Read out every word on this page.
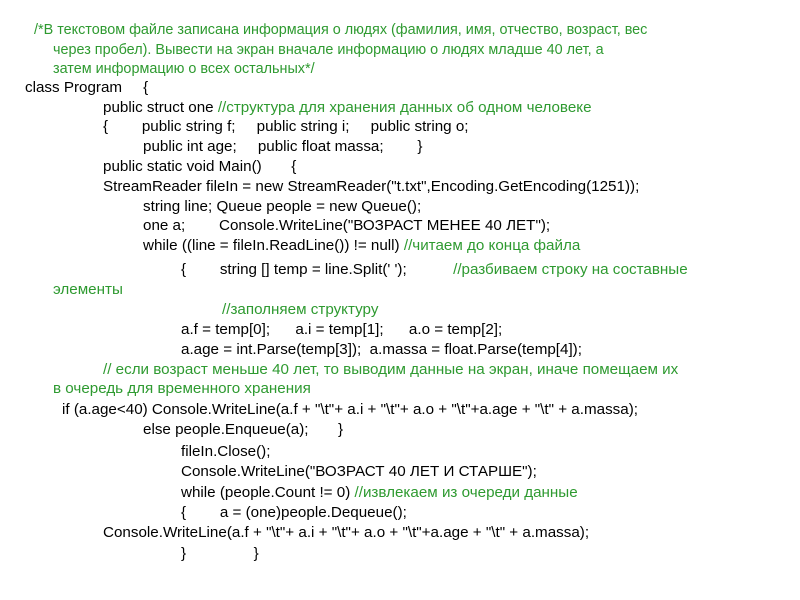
/*В текстовом файле записана информация о людях (фамилия, имя, отчество, возраст, вес
через пробел). Вывести на экран вначале информацию о людях младше 40 лет, а
затем информацию о всех остальных*/
class Program     {
public struct one //структура для хранения данных об одном человеке
{        public string f;     public string i;     public string o;
public int age;     public float massa;        }
public static void Main()       {
StreamReader fileIn = new StreamReader("t.txt",Encoding.GetEncoding(1251));
string line; Queue people = new Queue();
one a;        Console.WriteLine("ВОЗРАСТ МЕНЕЕ 40 ЛЕТ");
while ((line = fileIn.ReadLine()) != null) //читаем до конца файла
{        string [] temp = line.Split(' ');           //разбиваем строку на составные
элементы
//заполняем структуру
a.f = temp[0];      a.i = temp[1];      a.o = temp[2];
a.age = int.Parse(temp[3]);  a.massa = float.Parse(temp[4]);
// если возраст меньше 40 лет, то выводим данные на экран, иначе помещаем их
в очередь для временного хранения
if (a.age<40) Console.WriteLine(a.f + "\t"+ a.i + "\t"+ a.o + "\t"+a.age + "\t" + a.massa);
else people.Enqueue(a);       }
fileIn.Close();
Console.WriteLine("ВОЗРАСТ 40 ЛЕТ И СТАРШЕ");
while (people.Count != 0) //извлекаем из очереди данные
{        a = (one)people.Dequeue();
Console.WriteLine(a.f + "\t"+ a.i + "\t"+ a.o + "\t"+a.age + "\t" + a.massa);
}                }
